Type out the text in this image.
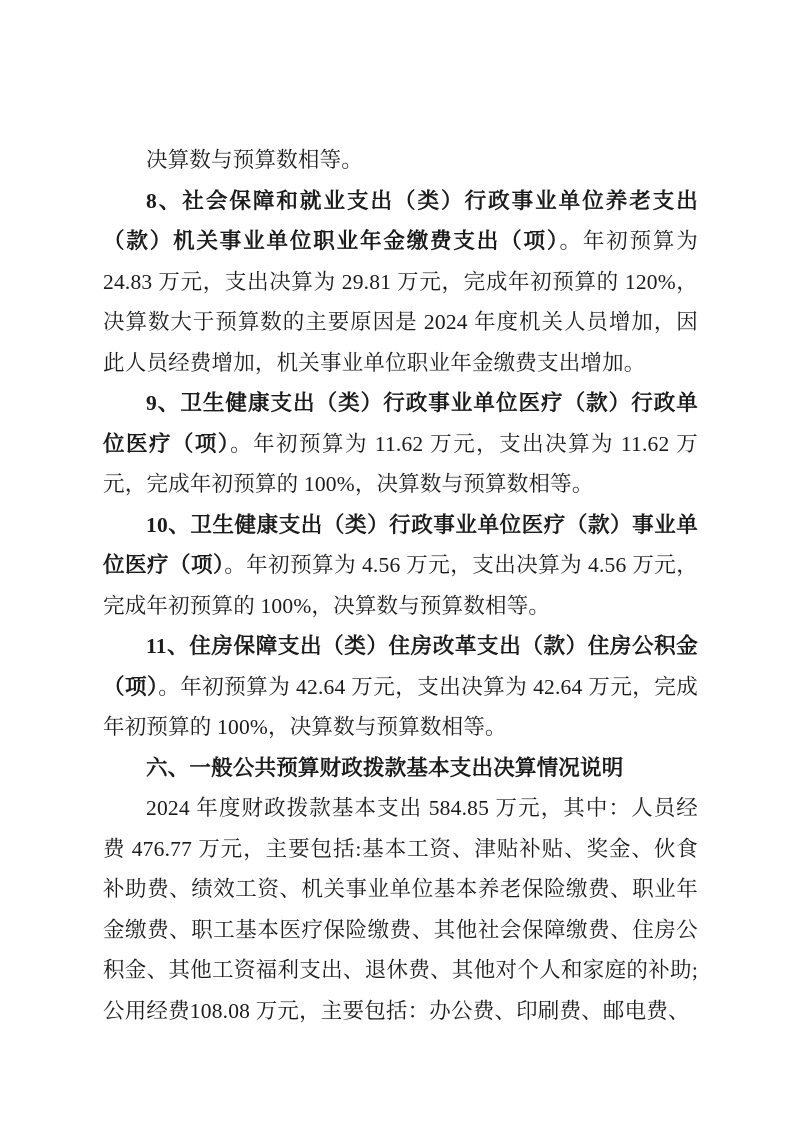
决算数与预算数相等。

8、社会保障和就业支出（类）行政事业单位养老支出（款）机关事业单位职业年金缴费支出（项）。年初预算为 24.83 万元，支出决算为 29.81 万元，完成年初预算的 120%，决算数大于预算数的主要原因是 2024 年度机关人员增加，因此人员经费增加，机关事业单位职业年金缴费支出增加。

9、卫生健康支出（类）行政事业单位医疗（款）行政单位医疗（项）。年初预算为 11.62 万元，支出决算为 11.62 万元，完成年初预算的 100%，决算数与预算数相等。

10、卫生健康支出（类）行政事业单位医疗（款）事业单位医疗（项）。年初预算为 4.56 万元，支出决算为 4.56 万元，完成年初预算的 100%，决算数与预算数相等。

11、住房保障支出（类）住房改革支出（款）住房公积金（项）。年初预算为 42.64 万元，支出决算为 42.64 万元，完成年初预算的 100%，决算数与预算数相等。

六、一般公共预算财政拨款基本支出决算情况说明

2024 年度财政拨款基本支出 584.85 万元，其中：人员经费 476.77 万元，主要包括:基本工资、津贴补贴、奖金、伙食补助费、绩效工资、机关事业单位基本养老保险缴费、职业年金缴费、职工基本医疗保险缴费、其他社会保障缴费、住房公积金、其他工资福利支出、退休费、其他对个人和家庭的补助;公用经费108.08 万元，主要包括：办公费、印刷费、邮电费、
